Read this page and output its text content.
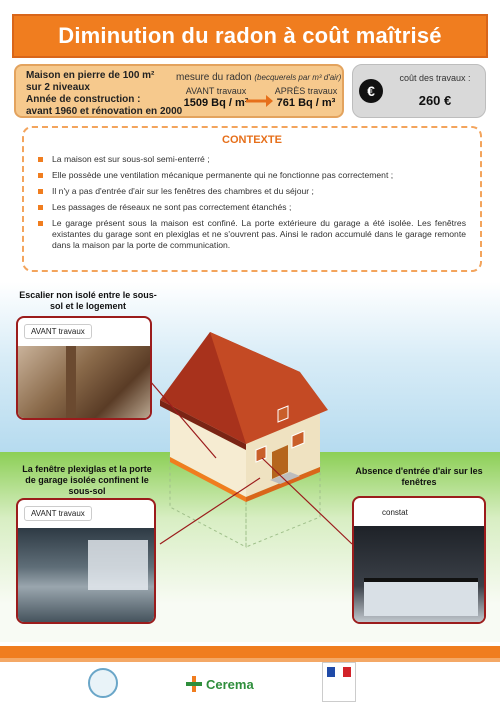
Diminution du radon à coût maîtrisé
Maison en pierre de 100 m²
sur 2 niveaux
Année de construction :
avant 1960 et rénovation en 2000
mesure du radon (becquerels par m³ d'air)
AVANT travaux
1509 Bq / m³
APRÈS travaux
761 Bq / m³
€
coût des travaux :
260 €
CONTEXTE
La maison est sur sous-sol semi-enterré ;
Elle possède une ventilation mécanique permanente qui ne fonctionne pas correctement ;
Il n'y a pas d'entrée d'air sur les fenêtres des chambres et du séjour ;
Les passages de réseaux ne sont pas correctement étanchés ;
Le garage présent sous la maison est confiné. La porte extérieure du garage a été isolée. Les fenêtres existantes du garage sont en plexiglas et ne s'ouvrent pas. Ainsi le radon accumulé dans le garage remonte dans la maison par la porte de communication.
Escalier non isolé entre le sous-sol et le logement
AVANT travaux
La fenêtre plexiglas et la porte de garage isolée confinent le sous-sol
AVANT travaux
Absence d'entrée d'air sur les fenêtres
constat
Cerema
